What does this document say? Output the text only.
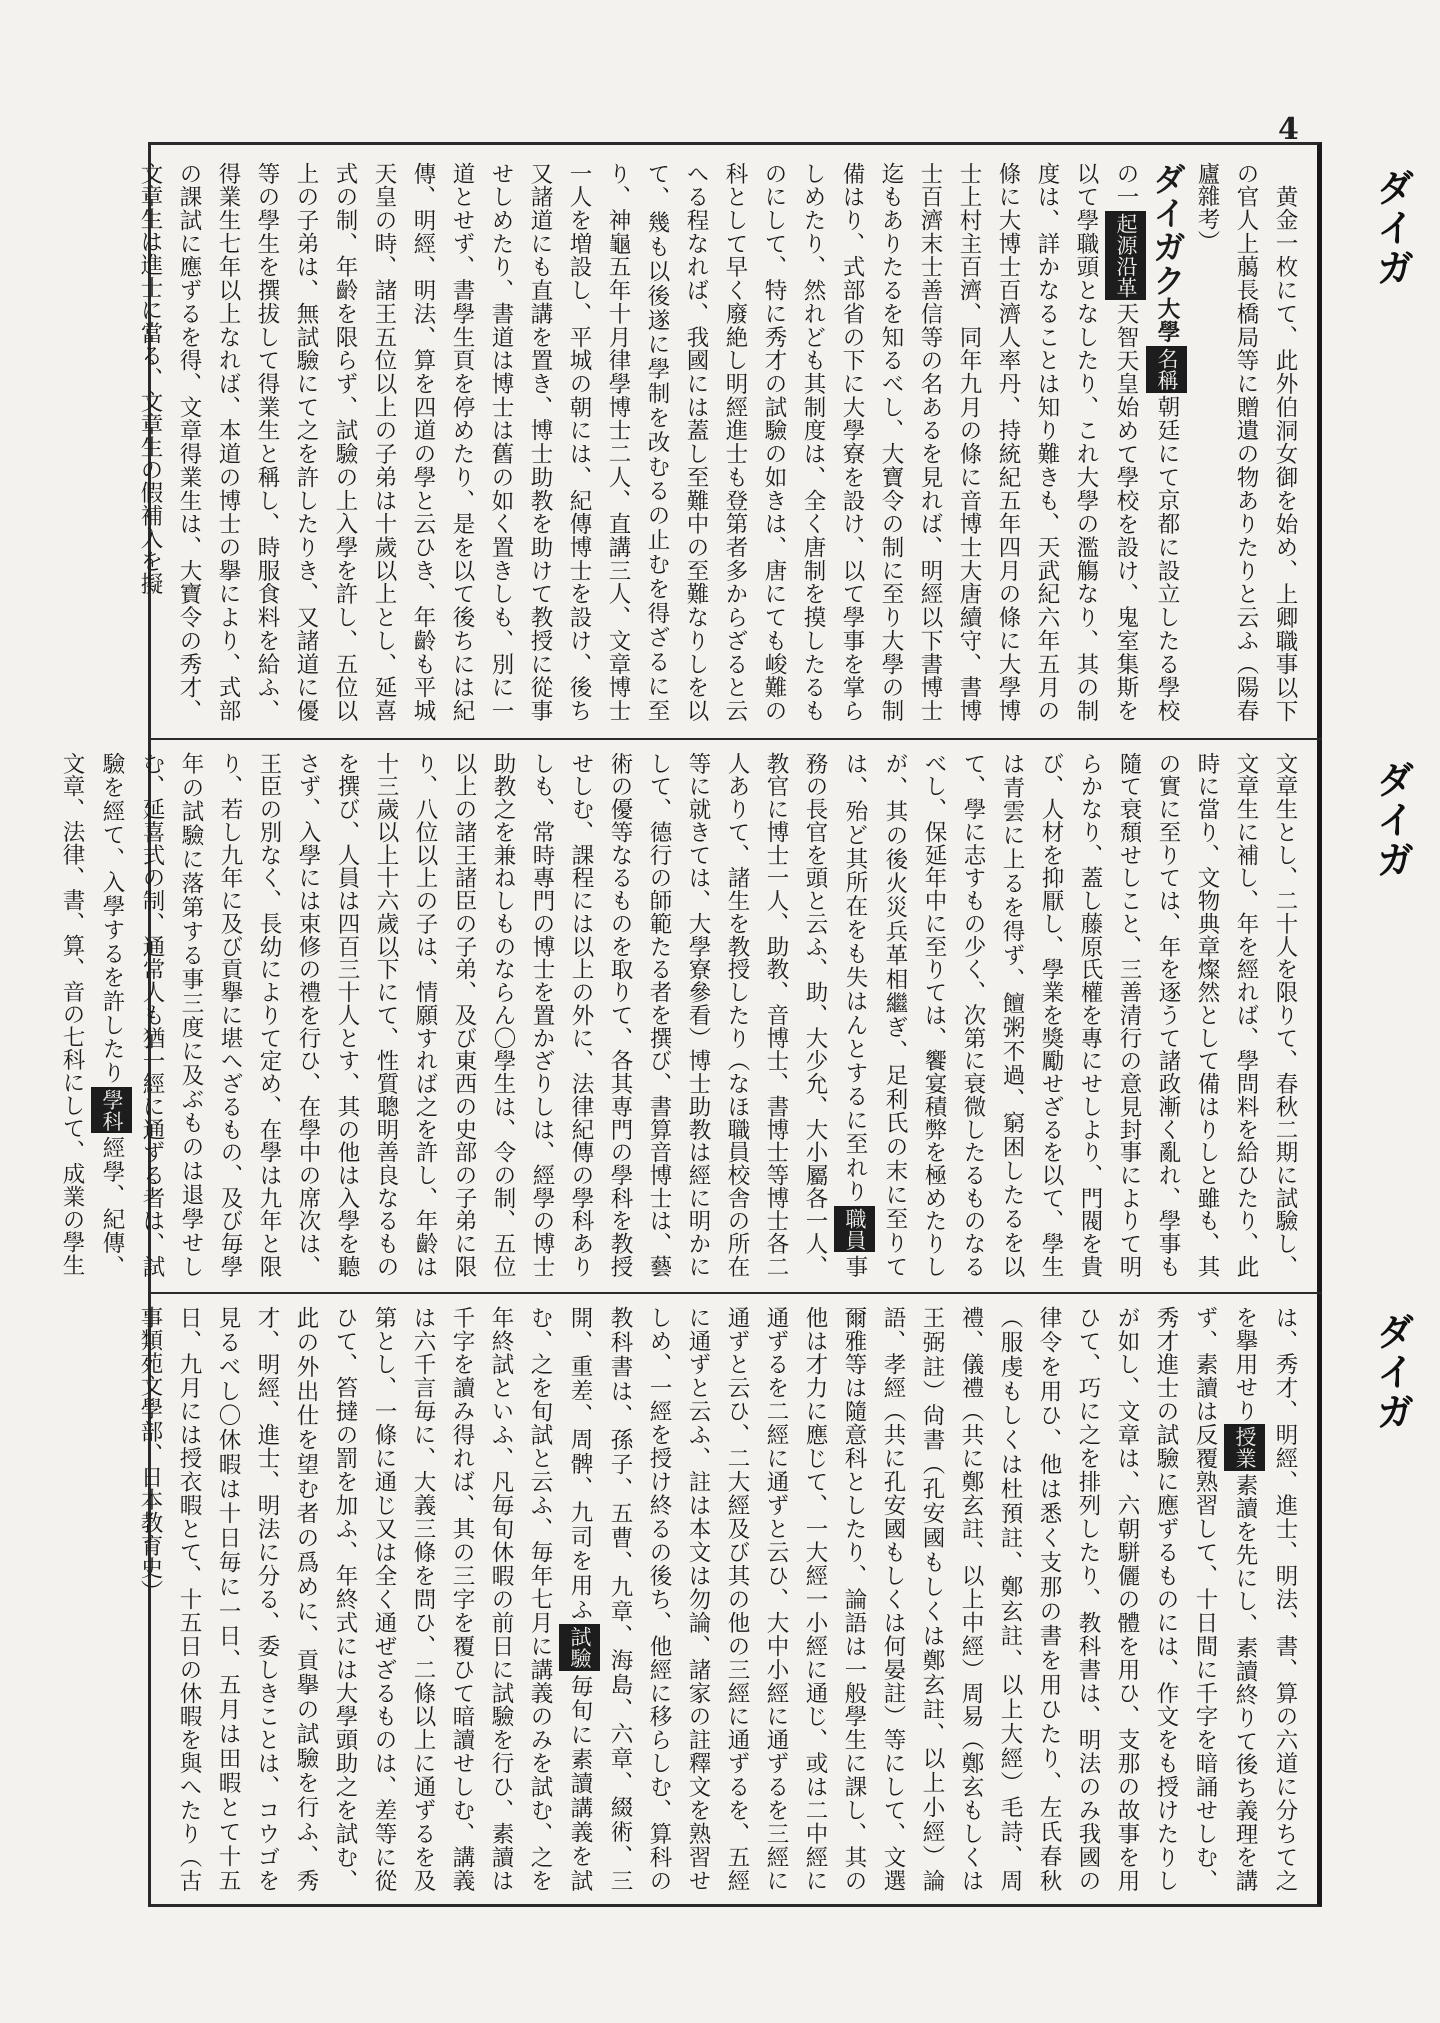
4
ダイガ
ダイガ
ダイガ

黄金一枚にて、此外伯洞女御を始め、上卿職事以下の官人上﨟長橋局等に贈遺の物ありたりと云ふ（陽春廬雜考）

ダイガク大學名稱朝廷にて京都に設立したる學校の一起源沿革天智天皇始めて學校を設け、鬼室集斯を以て學職頭となしたり、これ大學の濫觴なり、其の制度は、詳かなることは知り難きも、天武紀六年五月の條に大博士百濟人率丹、持統紀五年四月の條に大學博士上村主百濟、同年九月の條に音博士大唐續守、書博士百濟末士善信等の名あるを見れば、明經以下書博士迄もありたるを知るべし、大寶令の制に至り大學の制備はり、式部省の下に大學寮を設け、以て學事を掌らしめたり、然れども其制度は、全く唐制を摸したるものにして、特に秀才の試驗の如きは、唐にても峻難の科として早く廢絶し明經進士も登第者多からざると云へる程なれば、我國には蓋し至難中の至難なりしを以て、幾も以後遂に學制を改むるの止むを得ざるに至り、神龜五年十月律學博士二人、直講三人、文章博士一人を増設し、平城の朝には、紀傳博士を設け、後ち又諸道にも直講を置き、博士助教を助けて教授に從事せしめたり、書道は博士は舊の如く置きしも、別に一道とせず、書學生頁を停めたり、是を以て後ちには紀傳、明經、明法、算を四道の學と云ひき、年齡も平城天皇の時、諸王五位以上の子弟は十歲以上とし、延喜式の制、年齡を限らず、試驗の上入學を許し、五位以上の子弟は、無試驗にて之を許したりき、又諸道に優等の學生を撰拔して得業生と稱し、時服食料を給ふ、得業生七年以上なれば、本道の博士の擧により、式部の課試に應ずるを得、文章得業生は、大寶令の秀才、文章生は進士に當る、文章生の假補入を擬

文章生とし、二十人を限りて、春秋二期に試驗し、文章生に補し、年を經れば、學問料を給ひたり、此時に當り、文物典章燦然として備はりしと雖も、其の實に至りては、年を逐うて諸政漸く亂れ、學事も隨て衰頹せしこと、三善清行の意見封事によりて明らかなり、蓋し藤原氏權を專にせしより、門閥を貴び、人材を抑厭し、學業を獎勵せざるを以て、學生は青雲に上るを得ず、饘粥不過、窮困したるを以て、學に志すもの少く、次第に衰微したるものなるべし、保延年中に至りては、饗宴積弊を極めたりしが、其の後火災兵革相繼ぎ、足利氏の末に至りては、殆ど其所在をも失はんとするに至れり職員事務の長官を頭と云ふ、助、大少允、大小屬各一人、教官に博士一人、助教、音博士、書博士等博士各二人ありて、諸生を教授したり（なほ職員校舎の所在等に就きては、大學寮參看）博士助教は經に明かにして、德行の師範たる者を撰び、書算音博士は、藝術の優等なるものを取りて、各其専門の學科を教授せしむ、課程には以上の外に、法律紀傳の學科ありしも、常時專門の博士を置かざりしは、經學の博士助教之を兼ねしものならん〇學生は、令の制、五位以上の諸王諸臣の子弟、及び東西の史部の子弟に限り、八位以上の子は、情願すれば之を許し、年齡は十三歲以上十六歲以下にて、性質聰明善良なるものを撰び、人員は四百三十人とす、其の他は入學を聽さず、入學には束修の禮を行ひ、在學中の席次は、王臣の別なく、長幼によりて定め、在學は九年と限り、若し九年に及び貢擧に堪へざるもの、及び毎學年の試驗に落第する事三度に及ぶものは退學せしむ、延喜式の制、通常人も猶一經に通ずる者は、試驗を經て、入學するを許したり學科經學、紀傳、文章、法律、書、算、音の七科にして、成業の學生

は、秀才、明經、進士、明法、書、算の六道に分ちて之を擧用せり授業素讀を先にし、素讀終りて後ち義理を講ず、素讀は反覆熟習して、十日間に千字を暗誦せしむ、秀才進士の試驗に應ずるものには、作文をも授けたりしが如し、文章は、六朝駢儷の體を用ひ、支那の故事を用ひて、巧に之を排列したり、教科書は、明法のみ我國の律令を用ひ、他は悉く支那の書を用ひたり、左氏春秋（服虔もしくは杜預註、鄭玄註、以上大經）毛詩、周禮、儀禮（共に鄭玄註、以上中經）周易（鄭玄もしくは王弼註）尙書（孔安國もしくは鄭玄註、以上小經）論語、孝經（共に孔安國もしくは何晏註）等にして、文選爾雅等は隨意科としたり、論語は一般學生に課し、其の他は才力に應じて、一大經一小經に通じ、或は二中經に通ずるを二經に通ずと云ひ、大中小經に通ずるを三經に通ずと云ひ、二大經及び其の他の三經に通ずるを、五經に通ずと云ふ、註は本文は勿論、諸家の註釋文を熟習せしめ、一經を授け終るの後ち、他經に移らしむ、算科の教科書は、孫子、五曹、九章、海島、六章、綴術、三開、重差、周髀、九司を用ふ試驗毎旬に素讀講義を試む、之を旬試と云ふ、毎年七月に講義のみを試む、之を年終試といふ、凡毎旬休暇の前日に試驗を行ひ、素讀は千字を讀み得れば、其の三字を覆ひて暗讀せしむ、講義は六千言毎に、大義三條を問ひ、二條以上に通ずるを及第とし、一條に通じ又は全く通ぜざるものは、差等に從ひて、笞撻の罰を加ふ、年終式には大學頭助之を試む、此の外出仕を望む者の爲めに、貢擧の試驗を行ふ、秀才、明經、進士、明法に分る、委しきことは、コウゴを見るべし〇休暇は十日毎に一日、五月は田暇とて十五日、九月には授衣暇とて、十五日の休暇を與へたり（古事類苑文學部、日本教育史）
